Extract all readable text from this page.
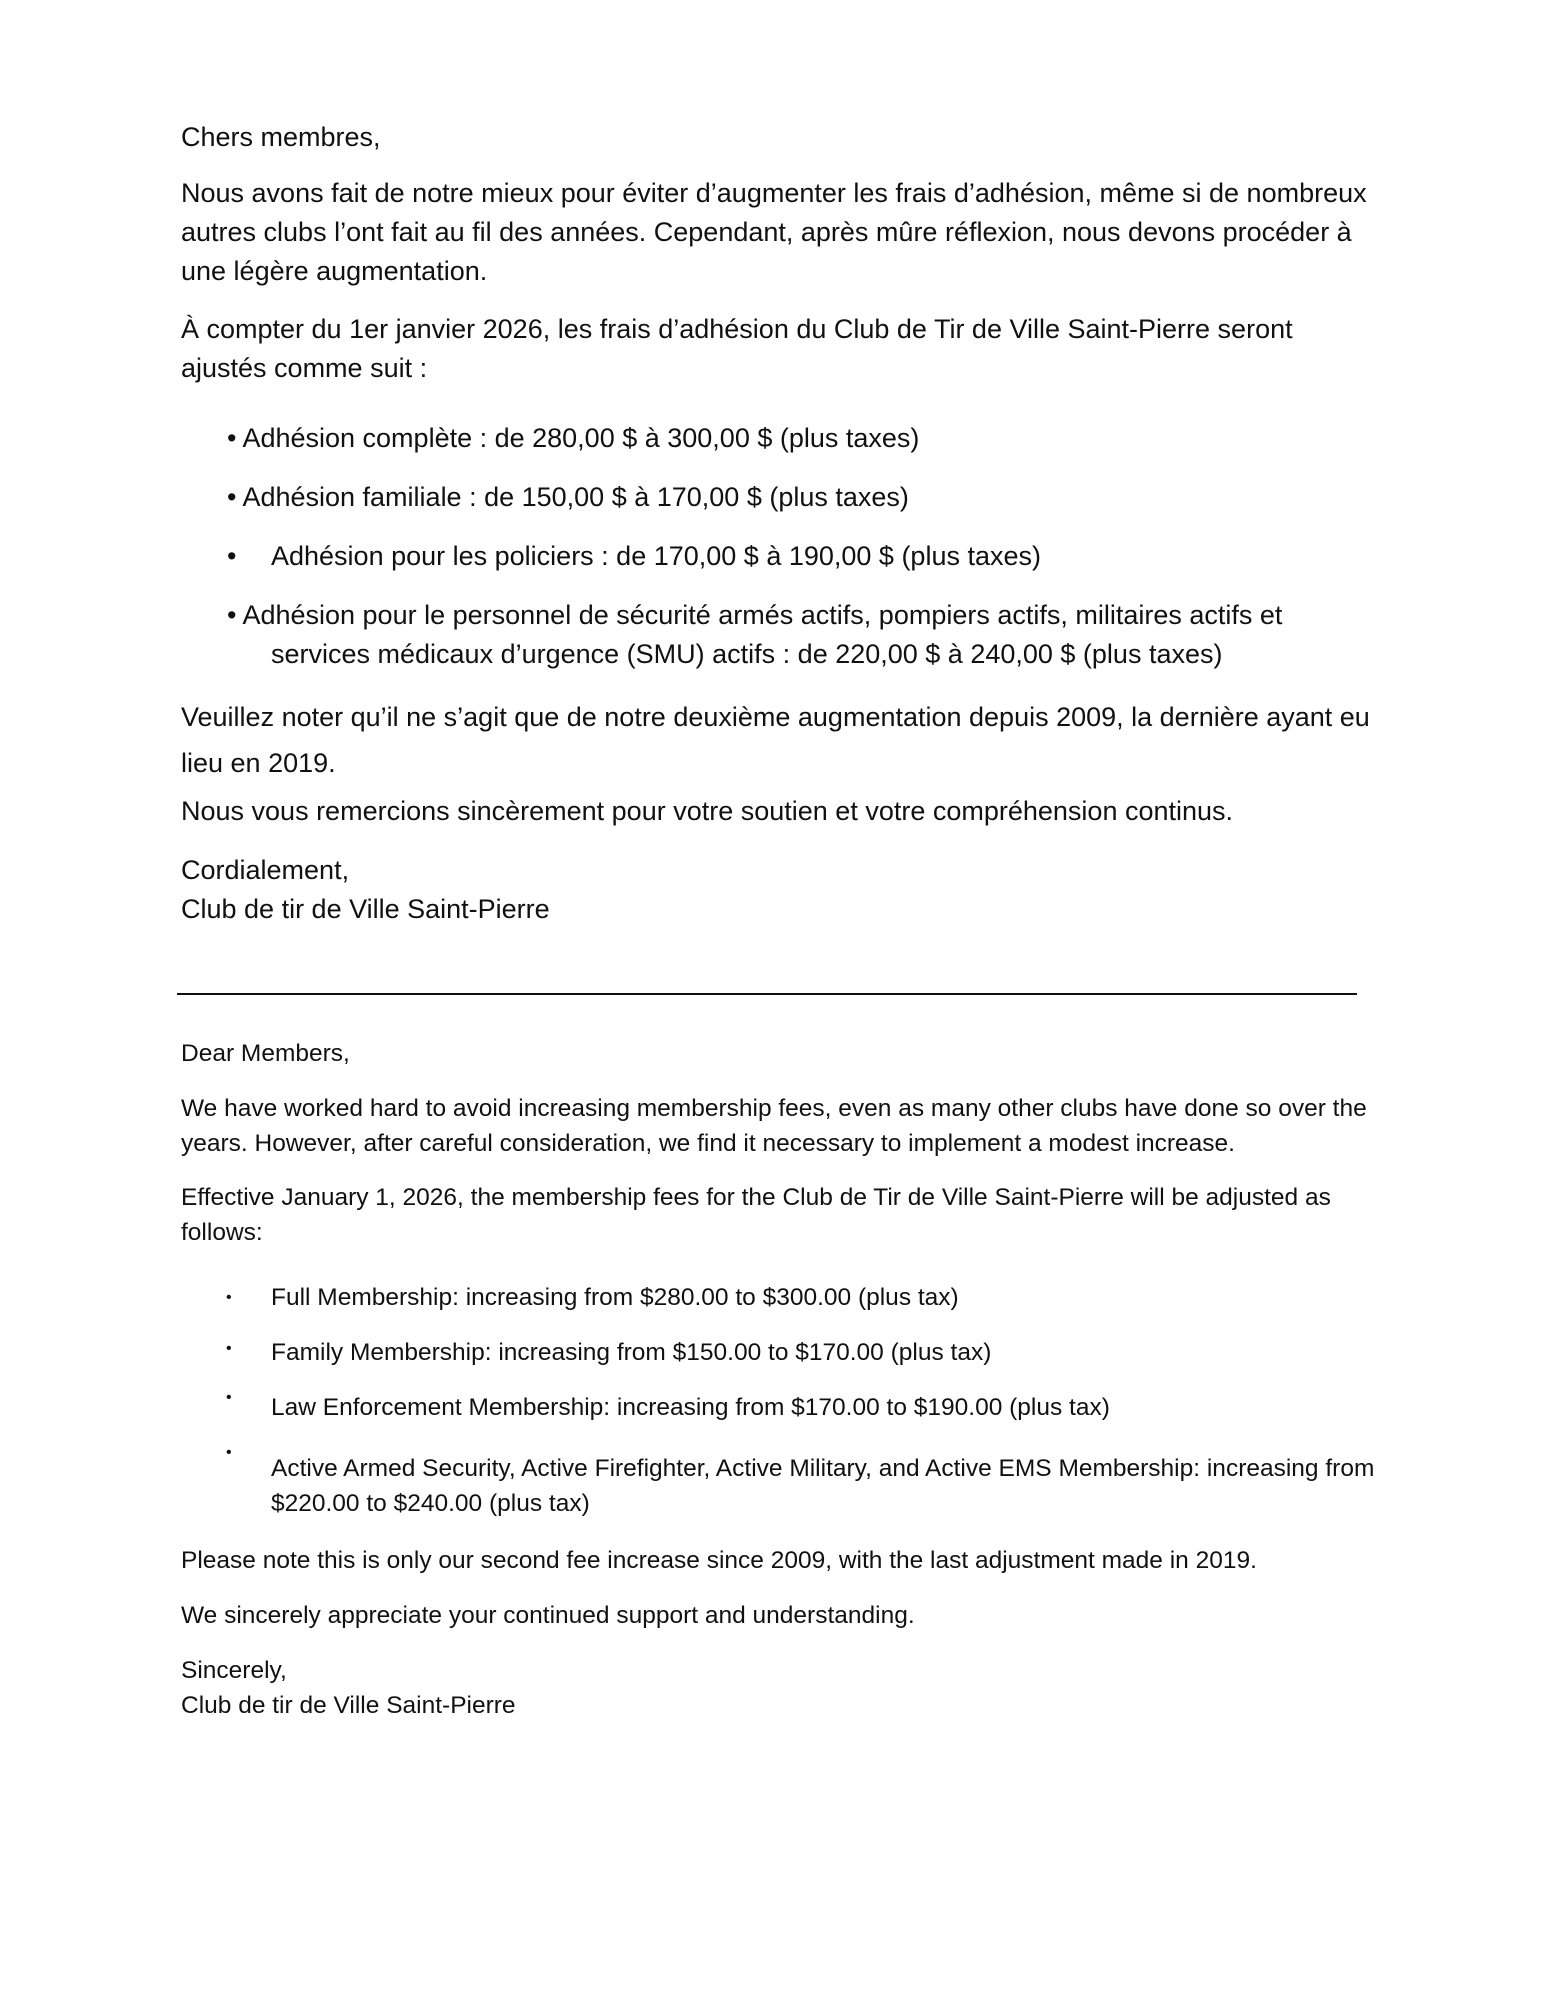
Chers membres,

Nous avons fait de notre mieux pour éviter d’augmenter les frais d’adhésion, même si de nombreux autres clubs l’ont fait au fil des années. Cependant, après mûre réflexion, nous devons procéder à une légère augmentation.

À compter du 1er janvier 2026, les frais d’adhésion du Club de Tir de Ville Saint-Pierre seront ajustés comme suit :

• Adhésion complète : de 280,00 $ à 300,00 $ (plus taxes)
• Adhésion familiale : de 150,00 $ à 170,00 $ (plus taxes)
• Adhésion pour les policiers : de 170,00 $ à 190,00 $ (plus taxes)
• Adhésion pour le personnel de sécurité armés actifs, pompiers actifs, militaires actifs et services médicaux d’urgence (SMU) actifs : de 220,00 $ à 240,00 $ (plus taxes)

Veuillez noter qu’il ne s’agit que de notre deuxième augmentation depuis 2009, la dernière ayant eu lieu en 2019.

Nous vous remercions sincèrement pour votre soutien et votre compréhension continus.

Cordialement,

Club de tir de Ville Saint-Pierre

Dear Members,

We have worked hard to avoid increasing membership fees, even as many other clubs have done so over the years. However, after careful consideration, we find it necessary to implement a modest increase.

Effective January 1, 2026, the membership fees for the Club de Tir de Ville Saint-Pierre will be adjusted as follows:

• Full Membership: increasing from $280.00 to $300.00 (plus tax)
• Family Membership: increasing from $150.00 to $170.00 (plus tax)
• Law Enforcement Membership: increasing from $170.00 to $190.00 (plus tax)
•
Active Armed Security, Active Firefighter, Active Military, and Active EMS Membership: increasing from $220.00 to $240.00 (plus tax)

Please note this is only our second fee increase since 2009, with the last adjustment made in 2019.

We sincerely appreciate your continued support and understanding.

Sincerely,

Club de tir de Ville Saint-Pierre
